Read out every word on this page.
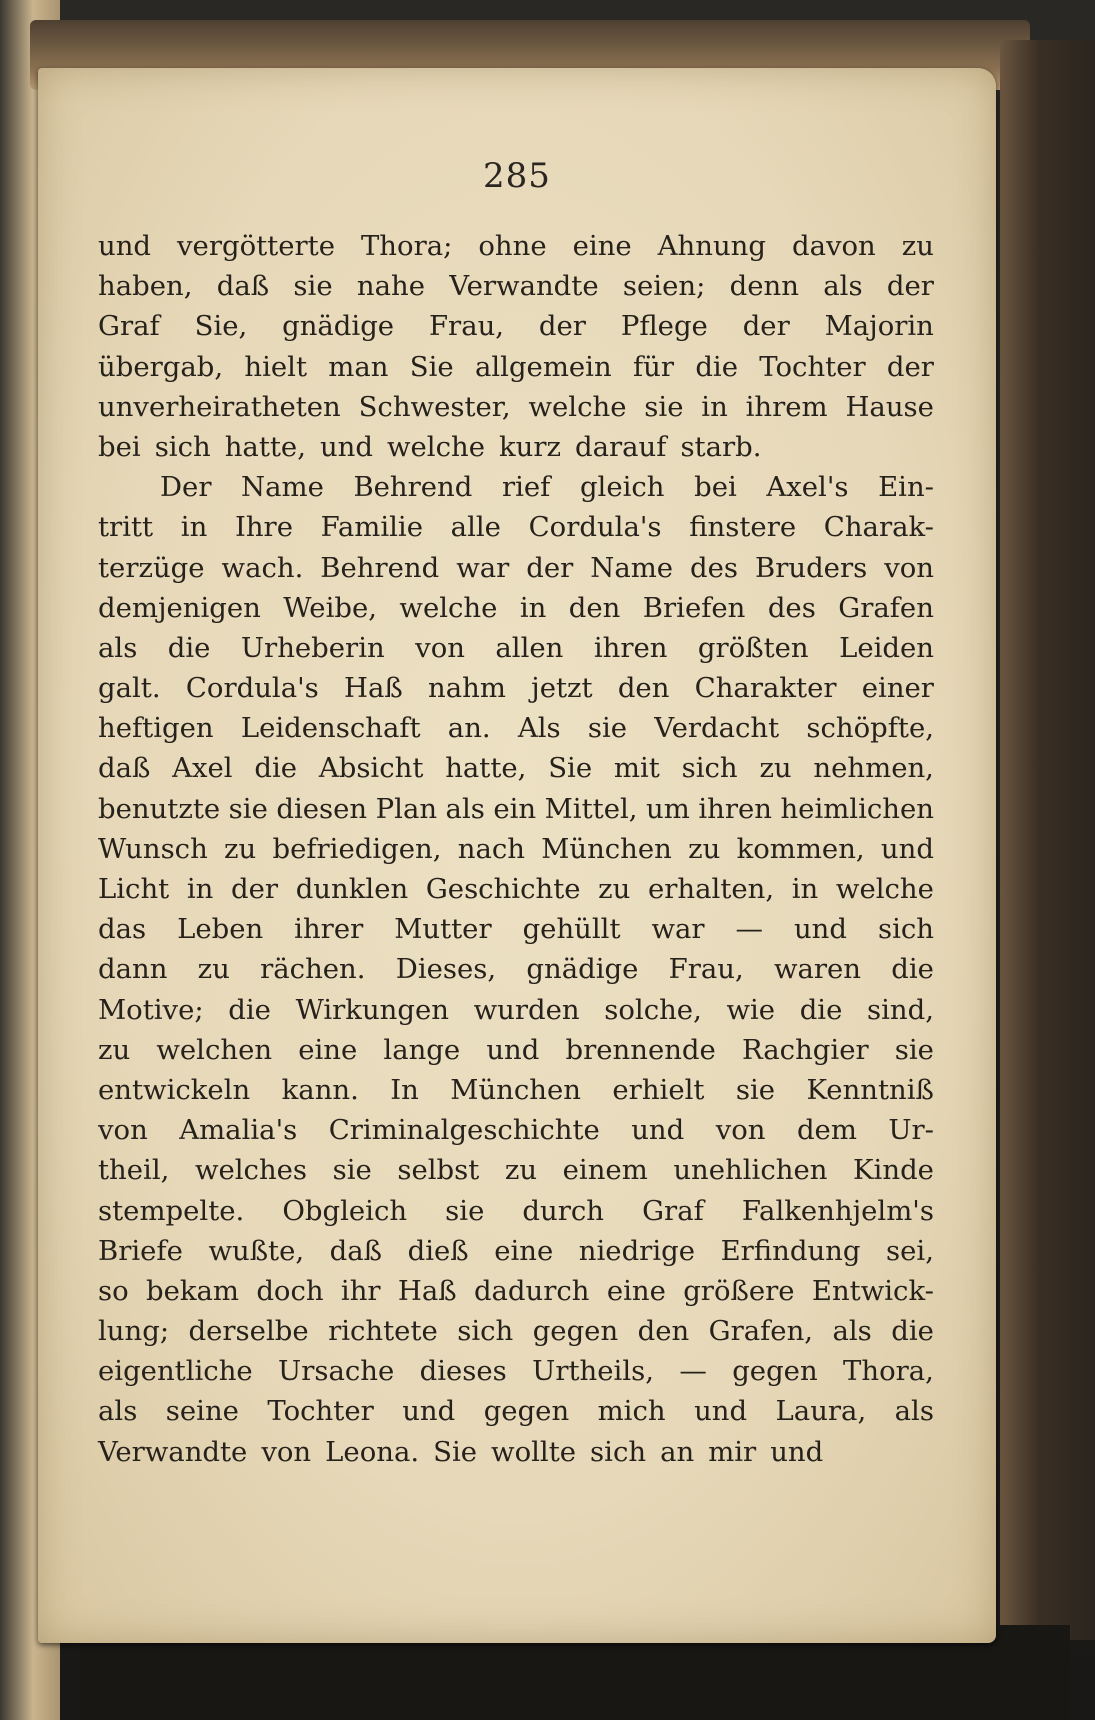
285
und vergötterte Thora; ohne eine Ahnung davon zu
haben, daß sie nahe Verwandte seien; denn als der
Graf Sie, gnädige Frau, der Pflege der Majorin
übergab, hielt man Sie allgemein für die Tochter der
unverheiratheten Schwester, welche sie in ihrem Hause
bei sich hatte, und welche kurz darauf starb.
Der Name Behrend rief gleich bei Axel's Ein-
tritt in Ihre Familie alle Cordula's finstere Charak-
terzüge wach. Behrend war der Name des Bruders von
demjenigen Weibe, welche in den Briefen des Grafen
als die Urheberin von allen ihren größten Leiden
galt. Cordula's Haß nahm jetzt den Charakter einer
heftigen Leidenschaft an. Als sie Verdacht schöpfte,
daß Axel die Absicht hatte, Sie mit sich zu nehmen,
benutzte sie diesen Plan als ein Mittel, um ihren heimlichen
Wunsch zu befriedigen, nach München zu kommen, und
Licht in der dunklen Geschichte zu erhalten, in welche
das Leben ihrer Mutter gehüllt war — und sich
dann zu rächen. Dieses, gnädige Frau, waren die
Motive; die Wirkungen wurden solche, wie die sind,
zu welchen eine lange und brennende Rachgier sie
entwickeln kann. In München erhielt sie Kenntniß
von Amalia's Criminalgeschichte und von dem Ur-
theil, welches sie selbst zu einem unehlichen Kinde
stempelte. Obgleich sie durch Graf Falkenhjelm's
Briefe wußte, daß dieß eine niedrige Erfindung sei,
so bekam doch ihr Haß dadurch eine größere Entwick-
lung; derselbe richtete sich gegen den Grafen, als die
eigentliche Ursache dieses Urtheils, — gegen Thora,
als seine Tochter und gegen mich und Laura, als
Verwandte von Leona. Sie wollte sich an mir und
